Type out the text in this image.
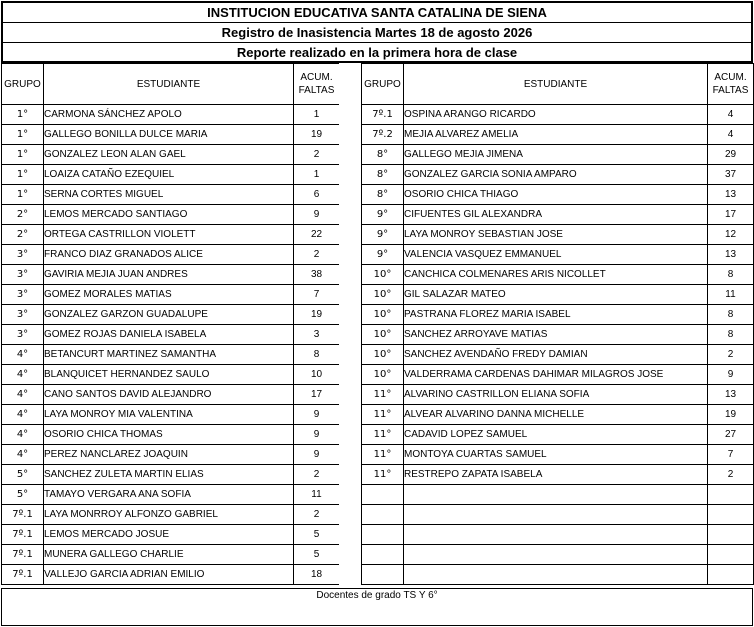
INSTITUCION EDUCATIVA SANTA CATALINA DE SIENA
Registro de Inasistencia Martes 18 de agosto 2026
Reporte realizado en la primera hora de clase
GRUPO	ESTUDIANTE	ACUM.
FALTAS
1°	CARMONA SÁNCHEZ APOLO	1
1°	GALLEGO BONILLA DULCE MARIA	19
1°	GONZALEZ LEON ALAN GAEL	2
1°	LOAIZA CATAÑO EZEQUIEL	1
1°	SERNA CORTES MIGUEL	6
2°	LEMOS MERCADO SANTIAGO	9
2°	ORTEGA CASTRILLON VIOLETT	22
3°	FRANCO DIAZ GRANADOS ALICE	2
3°	GAVIRIA MEJIA JUAN ANDRES	38
3°	GOMEZ MORALES MATIAS	7
3°	GONZALEZ GARZON GUADALUPE	19
3°	GOMEZ ROJAS DANIELA ISABELA	3
4°	BETANCURT MARTINEZ SAMANTHA	8
4°	BLANQUICET HERNANDEZ SAULO	10
4°	CANO SANTOS DAVID ALEJANDRO	17
4°	LAYA MONROY MIA VALENTINA	9
4°	OSORIO CHICA THOMAS	9
4°	PEREZ NANCLAREZ JOAQUIN	9
5°	SANCHEZ ZULETA MARTIN ELIAS	2
5°	TAMAYO VERGARA ANA SOFIA	11
7º.1	LAYA MONRROY ALFONZO GABRIEL	2
7º.1	LEMOS MERCADO JOSUE	5
7º.1	MUNERA GALLEGO CHARLIE	5
7º.1	VALLEJO GARCIA ADRIAN EMILIO	18
GRUPO	ESTUDIANTE	ACUM.
FALTAS
7º.1	OSPINA ARANGO RICARDO	4
7º.2	MEJIA ALVAREZ AMELIA	4
8°	GALLEGO MEJIA JIMENA	29
8°	GONZALEZ GARCIA SONIA AMPARO	37
8°	OSORIO CHICA THIAGO	13
9°	CIFUENTES GIL ALEXANDRA	17
9°	LAYA MONROY SEBASTIAN JOSE	12
9°	VALENCIA VASQUEZ EMMANUEL	13
10°	CANCHICA COLMENARES ARIS NICOLLET	8
10°	GIL SALAZAR MATEO	11
10°	PASTRANA FLOREZ MARIA ISABEL	8
10°	SANCHEZ ARROYAVE MATIAS	8
10°	SANCHEZ AVENDAÑO FREDY DAMIAN	2
10°	VALDERRAMA CARDENAS DAHIMAR MILAGROS JOSE	9
11°	ALVARINO CASTRILLON ELIANA SOFIA	13
11°	ALVEAR ALVARINO DANNA MICHELLE	19
11°	CADAVID LOPEZ SAMUEL	27
11°	MONTOYA CUARTAS SAMUEL	7
11°	RESTREPO ZAPATA ISABELA	2

Docentes de grado TS Y 6°
